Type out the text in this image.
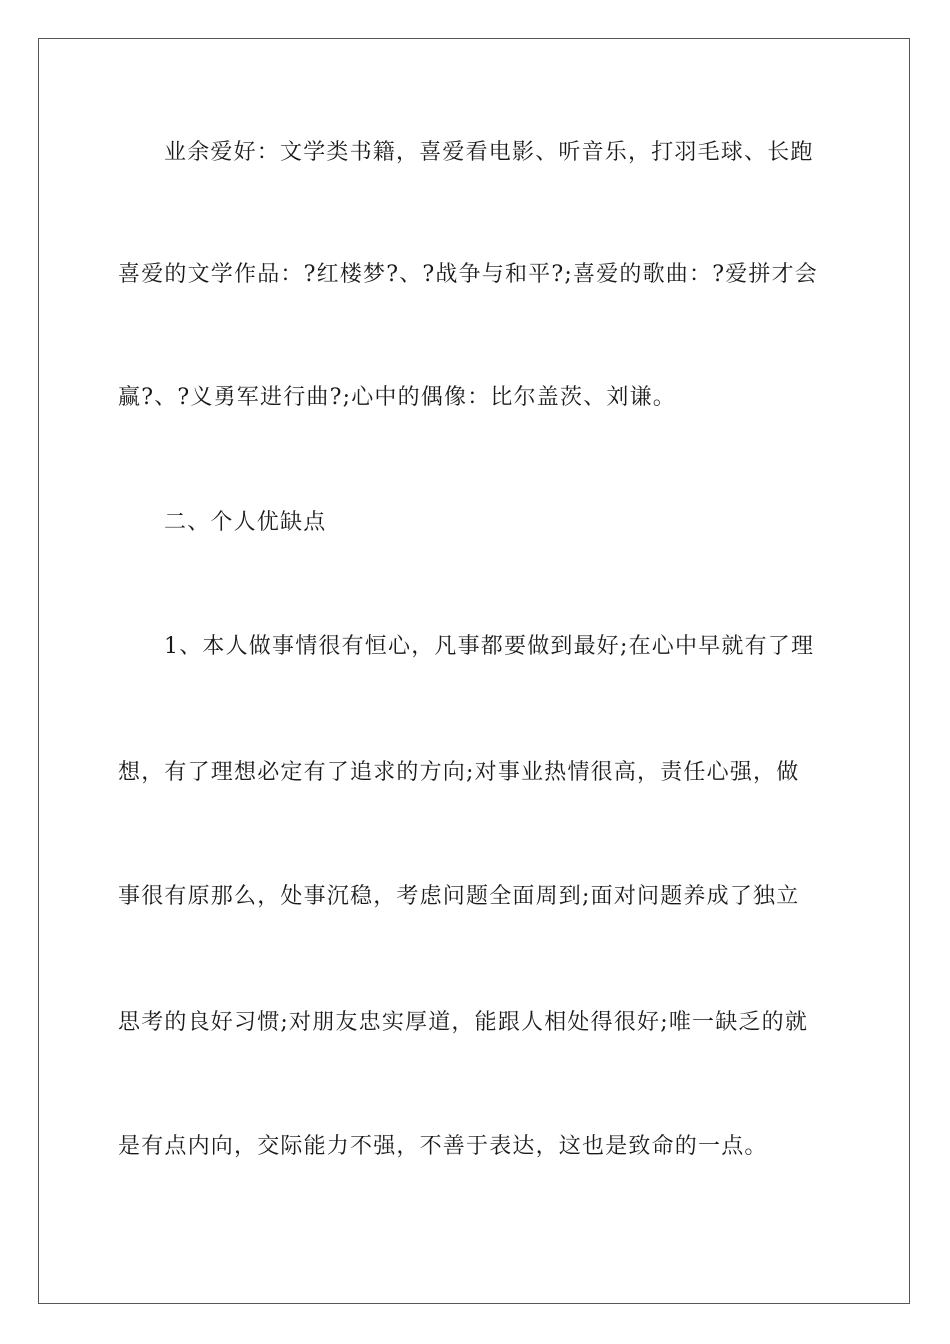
业余爱好：文学类书籍，喜爱看电影、听音乐，打羽毛球、长跑
喜爱的文学作品：?红楼梦?、?战争与和平?;喜爱的歌曲：?爱拼才会
赢?、?义勇军进行曲?;心中的偶像：比尔盖茨、刘谦。
二、个人优缺点
1、本人做事情很有恒心，凡事都要做到最好;在心中早就有了理
想，有了理想必定有了追求的方向;对事业热情很高，责任心强，做
事很有原那么，处事沉稳，考虑问题全面周到;面对问题养成了独立
思考的良好习惯;对朋友忠实厚道，能跟人相处得很好;唯一缺乏的就
是有点内向，交际能力不强，不善于表达，这也是致命的一点。
